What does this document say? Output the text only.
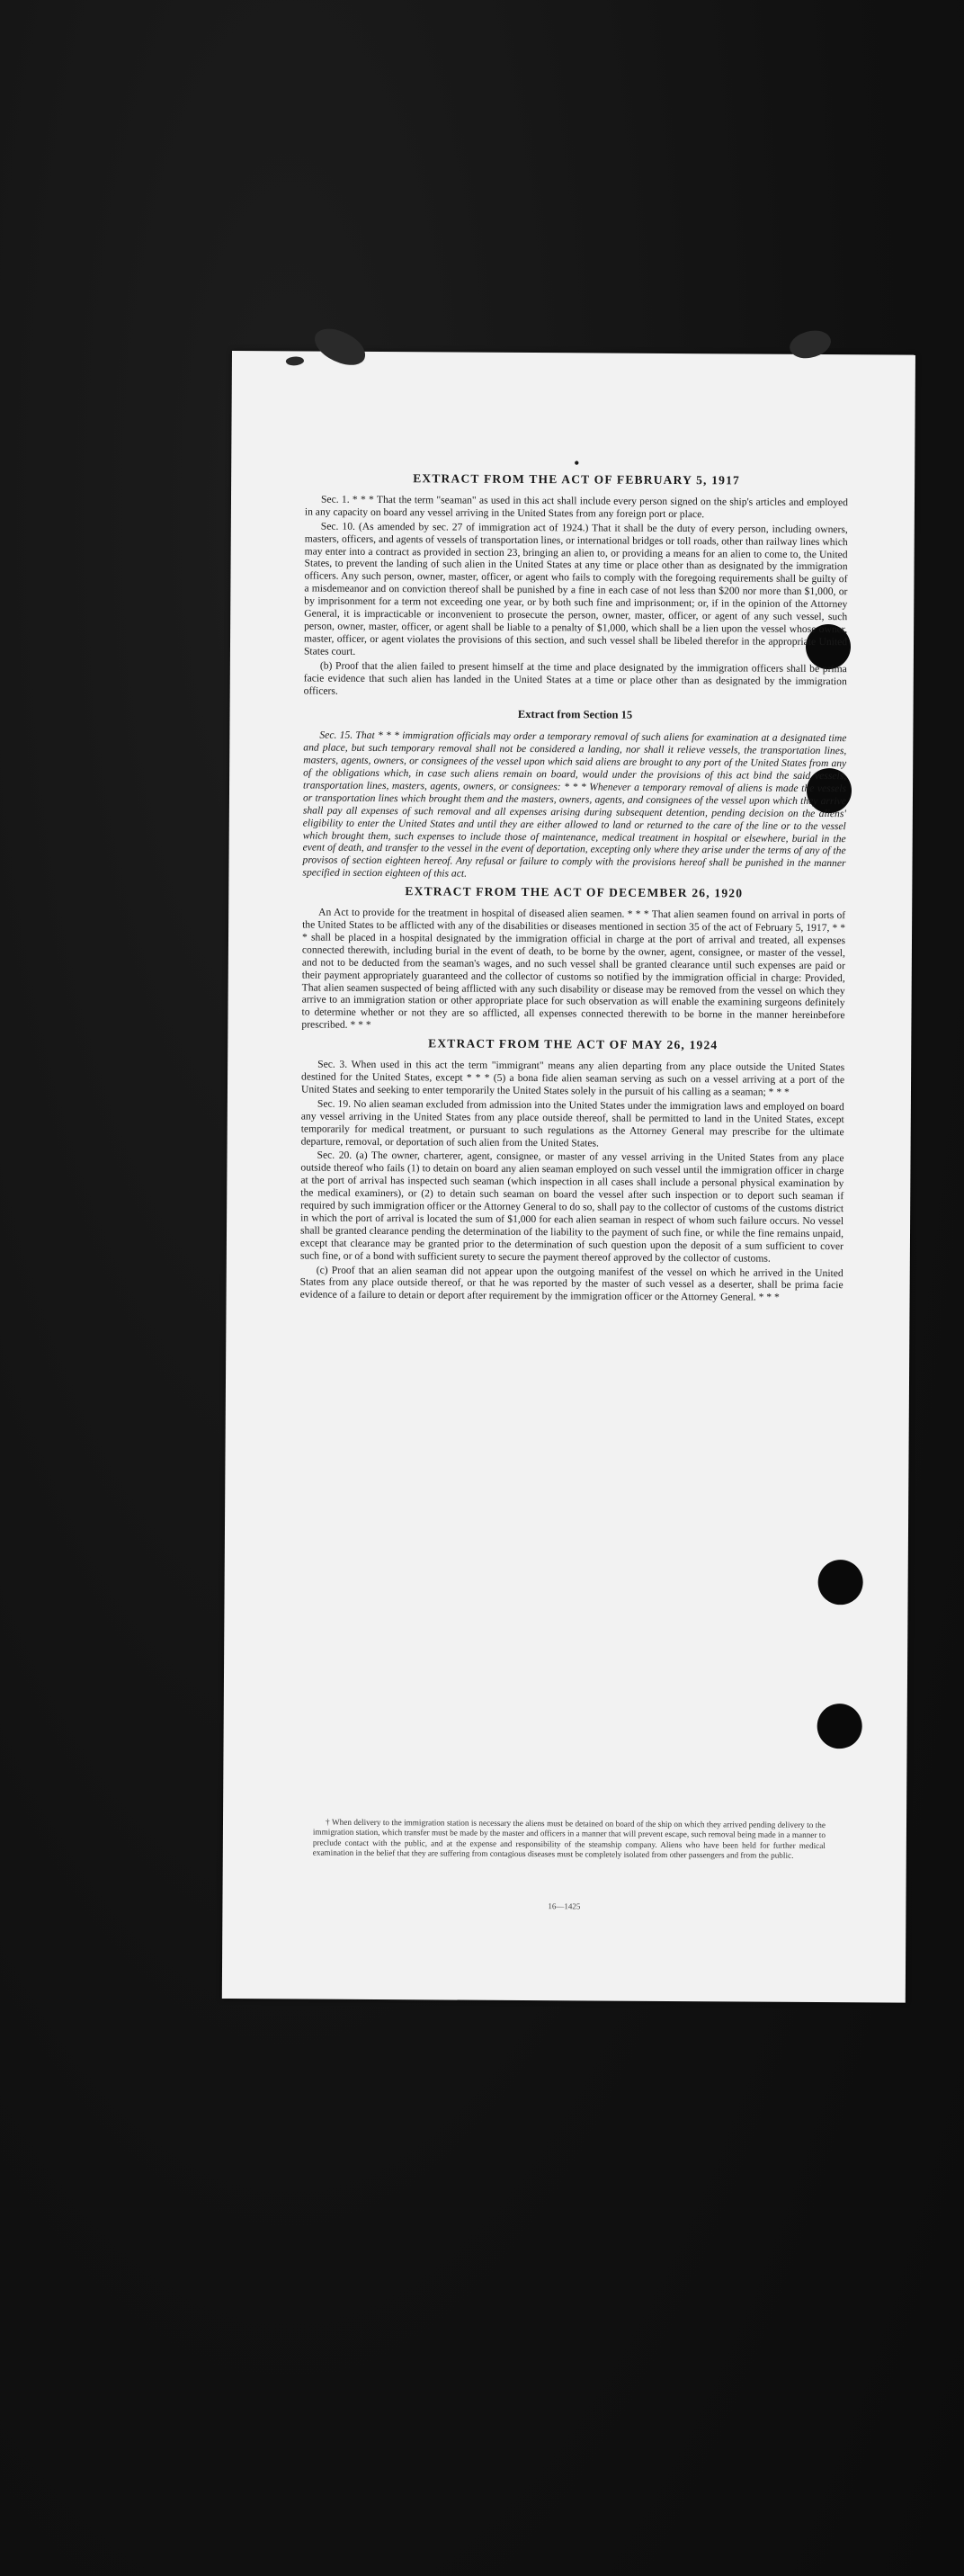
●
EXTRACT FROM THE ACT OF FEBRUARY 5, 1917

Sec. 1. * * * That the term "seaman" as used in this act shall include every person signed on the ship's articles and employed in any capacity on board any vessel arriving in the United States from any foreign port or place.

Sec. 10. (As amended by sec. 27 of immigration act of 1924.) That it shall be the duty of every person, including owners, masters, officers, and agents of vessels of transportation lines, or international bridges or toll roads, other than railway lines which may enter into a contract as provided in section 23, bringing an alien to, or providing a means for an alien to come to, the United States, to prevent the landing of such alien in the United States at any time or place other than as designated by the immigration officers. Any such person, owner, master, officer, or agent who fails to comply with the foregoing requirements shall be guilty of a misdemeanor and on conviction thereof shall be punished by a fine in each case of not less than $200 nor more than $1,000, or by imprisonment for a term not exceeding one year, or by both such fine and imprisonment; or, if in the opinion of the Attorney General, it is impracticable or inconvenient to prosecute the person, owner, master, officer, or agent of any such vessel, such person, owner, master, officer, or agent shall be liable to a penalty of $1,000, which shall be a lien upon the vessel whose owner, master, officer, or agent violates the provisions of this section, and such vessel shall be libeled therefor in the appropriate United States court.

(b) Proof that the alien failed to present himself at the time and place designated by the immigration officers shall be prima facie evidence that such alien has landed in the United States at a time or place other than as designated by the immigration officers.

Extract from Section 15

Sec. 15. That * * * immigration officials may order a temporary removal of such aliens for examination at a designated time and place, but such temporary removal shall not be considered a landing, nor shall it relieve vessels, the transportation lines, masters, agents, owners, or consignees of the vessel upon which said aliens are brought to any port of the United States from any of the obligations which, in case such aliens remain on board, would under the provisions of this act bind the said vessels, transportation lines, masters, agents, owners, or consignees: * * * Whenever a temporary removal of aliens is made the vessels or transportation lines which brought them and the masters, owners, agents, and consignees of the vessel upon which they arrive shall pay all expenses of such removal and all expenses arising during subsequent detention, pending decision on the aliens' eligibility to enter the United States and until they are either allowed to land or returned to the care of the line or to the vessel which brought them, such expenses to include those of maintenance, medical treatment in hospital or elsewhere, burial in the event of death, and transfer to the vessel in the event of deportation, excepting only where they arise under the terms of any of the provisos of section eighteen hereof. Any refusal or failure to comply with the provisions hereof shall be punished in the manner specified in section eighteen of this act.

EXTRACT FROM THE ACT OF DECEMBER 26, 1920

An Act to provide for the treatment in hospital of diseased alien seamen. * * * That alien seamen found on arrival in ports of the United States to be afflicted with any of the disabilities or diseases mentioned in section 35 of the act of February 5, 1917, * * * shall be placed in a hospital designated by the immigration official in charge at the port of arrival and treated, all expenses connected therewith, including burial in the event of death, to be borne by the owner, agent, consignee, or master of the vessel, and not to be deducted from the seaman's wages, and no such vessel shall be granted clearance until such expenses are paid or their payment appropriately guaranteed and the collector of customs so notified by the immigration official in charge: Provided, That alien seamen suspected of being afflicted with any such disability or disease may be removed from the vessel on which they arrive to an immigration station or other appropriate place for such observation as will enable the examining surgeons definitely to determine whether or not they are so afflicted, all expenses connected therewith to be borne in the manner hereinbefore prescribed. * * *

EXTRACT FROM THE ACT OF MAY 26, 1924

Sec. 3. When used in this act the term "immigrant" means any alien departing from any place outside the United States destined for the United States, except * * * (5) a bona fide alien seaman serving as such on a vessel arriving at a port of the United States and seeking to enter temporarily the United States solely in the pursuit of his calling as a seaman; * * *

Sec. 19. No alien seaman excluded from admission into the United States under the immigration laws and employed on board any vessel arriving in the United States from any place outside thereof, shall be permitted to land in the United States, except temporarily for medical treatment, or pursuant to such regulations as the Attorney General may prescribe for the ultimate departure, removal, or deportation of such alien from the United States.

Sec. 20. (a) The owner, charterer, agent, consignee, or master of any vessel arriving in the United States from any place outside thereof who fails (1) to detain on board any alien seaman employed on such vessel until the immigration officer in charge at the port of arrival has inspected such seaman (which inspection in all cases shall include a personal physical examination by the medical examiners), or (2) to detain such seaman on board the vessel after such inspection or to deport such seaman if required by such immigration officer or the Attorney General to do so, shall pay to the collector of customs of the customs district in which the port of arrival is located the sum of $1,000 for each alien seaman in respect of whom such failure occurs. No vessel shall be granted clearance pending the determination of the liability to the payment of such fine, or while the fine remains unpaid, except that clearance may be granted prior to the determination of such question upon the deposit of a sum sufficient to cover such fine, or of a bond with sufficient surety to secure the payment thereof approved by the collector of customs.

(c) Proof that an alien seaman did not appear upon the outgoing manifest of the vessel on which he arrived in the United States from any place outside thereof, or that he was reported by the master of such vessel as a deserter, shall be prima facie evidence of a failure to detain or deport after requirement by the immigration officer or the Attorney General. * * *

† When delivery to the immigration station is necessary the aliens must be detained on board of the ship on which they arrived pending delivery to the immigration station, which transfer must be made by the master and officers in a manner that will prevent escape, such removal being made in a manner to preclude contact with the public, and at the expense and responsibility of the steamship company. Aliens who have been held for further medical examination in the belief that they are suffering from contagious diseases must be completely isolated from other passengers and from the public.
16—1425
